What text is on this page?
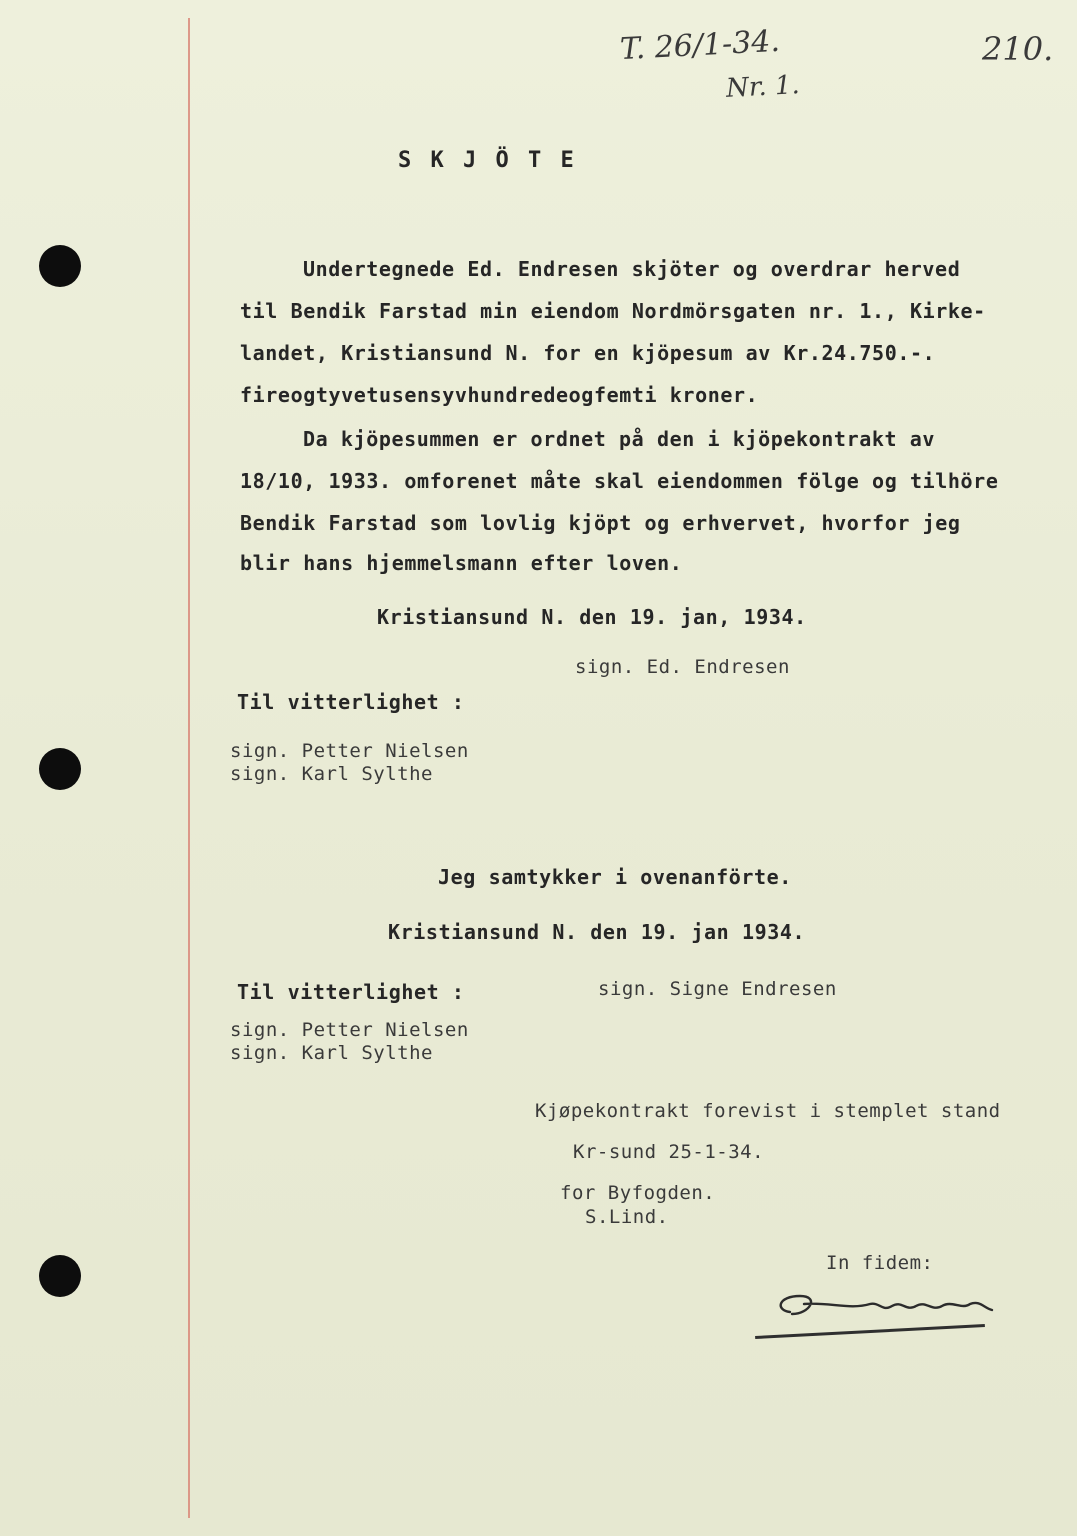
T. 26/1-34.
Nr. 1.
210.
S K J Ö T E
Undertegnede Ed. Endresen skjöter og overdrar herved
til Bendik Farstad min eiendom Nordmörsgaten nr. 1., Kirke-
landet, Kristiansund N. for en kjöpesum av Kr.24.750.-.
fireogtyvetusensyvhundredeogfemti kroner.
Da kjöpesummen er ordnet på den i kjöpekontrakt av
18/10, 1933. omforenet måte skal eiendommen fölge og tilhöre
Bendik Farstad som lovlig kjöpt og erhvervet, hvorfor jeg
blir hans hjemmelsmann efter loven.
Kristiansund N. den 19. jan, 1934.
sign. Ed. Endresen
Til vitterlighet :
sign. Petter Nielsen
sign. Karl Sylthe
Jeg samtykker i ovenanförte.
Kristiansund N. den 19. jan 1934.
Til vitterlighet :	sign. Signe Endresen
sign. Petter Nielsen
sign. Karl Sylthe
Kjøpekontrakt forevist i stemplet stand
Kr-sund 25-1-34.
for Byfogden.
S.Lind.
In fidem:
